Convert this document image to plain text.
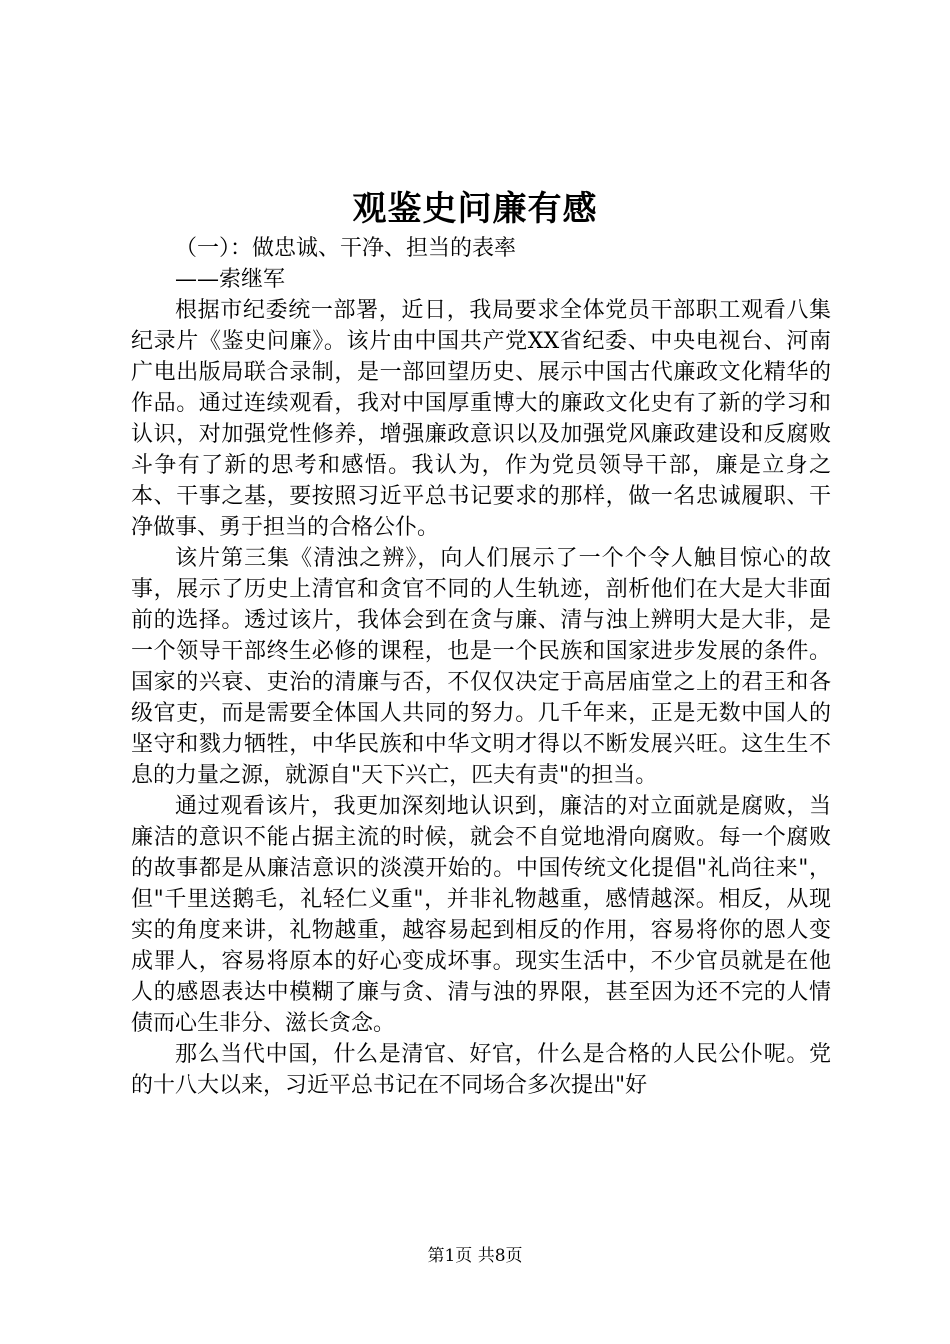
观鉴史问廉有感

（一）：做忠诚、干净、担当的表率

——索继军

根据市纪委统一部署，近日，我局要求全体党员干部职工观看八集纪录片《鉴史问廉》。该片由中国共产党XX省纪委、中央电视台、河南广电出版局联合录制，是一部回望历史、展示中国古代廉政文化精华的作品。通过连续观看，我对中国厚重博大的廉政文化史有了新的学习和认识，对加强党性修养，增强廉政意识以及加强党风廉政建设和反腐败斗争有了新的思考和感悟。我认为，作为党员领导干部，廉是立身之本、干事之基，要按照习近平总书记要求的那样，做一名忠诚履职、干净做事、勇于担当的合格公仆。

该片第三集《清浊之辨》，向人们展示了一个个令人触目惊心的故事，展示了历史上清官和贪官不同的人生轨迹，剖析他们在大是大非面前的选择。透过该片，我体会到在贪与廉、清与浊上辨明大是大非，是一个领导干部终生必修的课程，也是一个民族和国家进步发展的条件。国家的兴衰、吏治的清廉与否，不仅仅决定于高居庙堂之上的君王和各级官吏，而是需要全体国人共同的努力。几千年来，正是无数中国人的坚守和戮力牺牲，中华民族和中华文明才得以不断发展兴旺。这生生不息的力量之源，就源自"天下兴亡，匹夫有责"的担当。

通过观看该片，我更加深刻地认识到，廉洁的对立面就是腐败，当廉洁的意识不能占据主流的时候，就会不自觉地滑向腐败。每一个腐败的故事都是从廉洁意识的淡漠开始的。中国传统文化提倡"礼尚往来"，但"千里送鹅毛，礼轻仁义重"，并非礼物越重，感情越深。相反，从现实的角度来讲，礼物越重，越容易起到相反的作用，容易将你的恩人变成罪人，容易将原本的好心变成坏事。现实生活中，不少官员就是在他人的感恩表达中模糊了廉与贪、清与浊的界限，甚至因为还不完的人情债而心生非分、滋长贪念。

那么当代中国，什么是清官、好官，什么是合格的人民公仆呢。党的十八大以来，习近平总书记在不同场合多次提出"好

第1页 共8页
